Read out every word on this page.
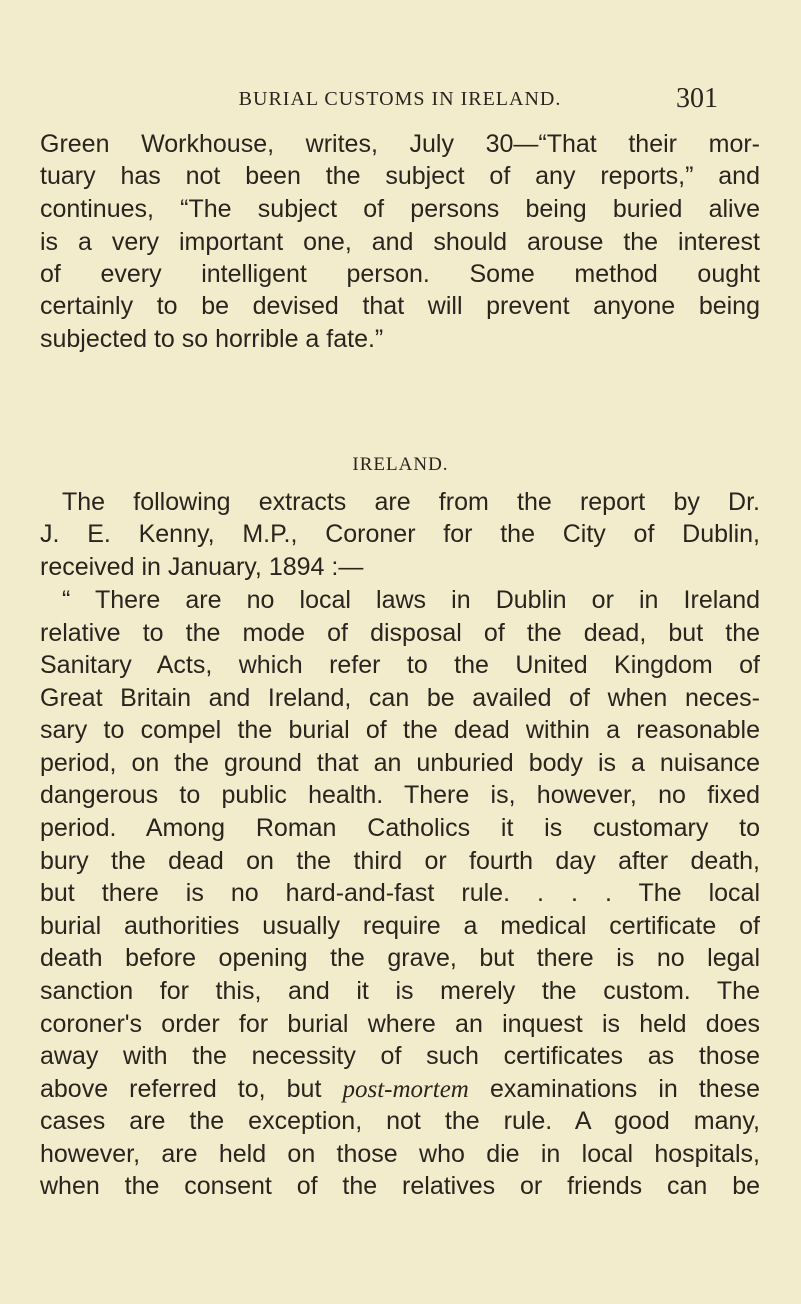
BURIAL CUSTOMS IN IRELAND.	301
Green Workhouse, writes, July 30—“That their mor-
tuary has not been the subject of any reports,” and
continues, “The subject of persons being buried alive
is a very important one, and should arouse the interest
of every intelligent person. Some method ought
certainly to be devised that will prevent anyone being
subjected to so horrible a fate.”
IRELAND.
The following extracts are from the report by Dr.
J. E. Kenny, M.P., Coroner for the City of Dublin,
received in January, 1894 :—
“ There are no local laws in Dublin or in Ireland
relative to the mode of disposal of the dead, but the
Sanitary Acts, which refer to the United Kingdom of
Great Britain and Ireland, can be availed of when neces-
sary to compel the burial of the dead within a reasonable
period, on the ground that an unburied body is a nuisance
dangerous to public health. There is, however, no fixed
period. Among Roman Catholics it is customary to
bury the dead on the third or fourth day after death,
but there is no hard-and-fast rule. . . . The local
burial authorities usually require a medical certificate of
death before opening the grave, but there is no legal
sanction for this, and it is merely the custom. The
coroner's order for burial where an inquest is held does
away with the necessity of such certificates as those
above referred to, but post-mortem examinations in these
cases are the exception, not the rule. A good many,
however, are held on those who die in local hospitals,
when the consent of the relatives or friends can be
